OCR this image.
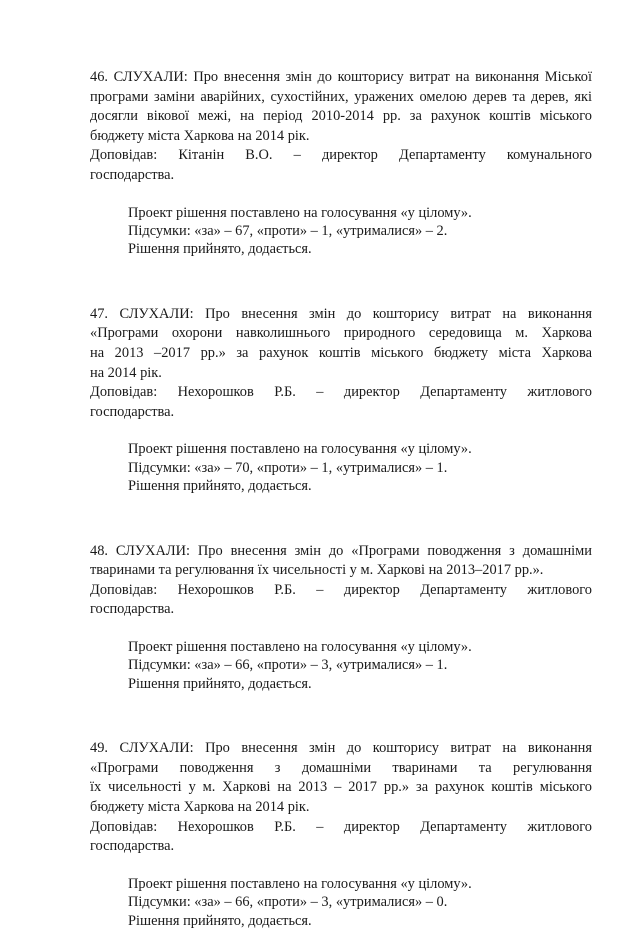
46. СЛУХАЛИ: Про внесення змін до кошторису витрат на виконання Міської
програми заміни аварійних, сухостійних, уражених омелою дерев та дерев, які
досягли вікової межі, на період 2010-2014 рр. за рахунок коштів міського
бюджету міста Харкова на 2014 рік.

Доповідав: Кітанін В.О. – директор Департаменту комунального
господарства.

Проект рішення поставлено на голосування «у цілому».
Підсумки: «за» – 67, «проти» – 1, «утрималися» – 2.
Рішення прийнято, додається.

47. СЛУХАЛИ: Про внесення змін до кошторису витрат на виконання
«Програми охорони навколишнього природного середовища м. Харкова
на 2013 –2017 рр.» за рахунок коштів міського бюджету міста Харкова
на 2014 рік.

Доповідав: Нехорошков Р.Б. – директор Департаменту житлового
господарства.

Проект рішення поставлено на голосування «у цілому».
Підсумки: «за» – 70, «проти» – 1, «утрималися» – 1.
Рішення прийнято, додається.

48. СЛУХАЛИ: Про внесення змін до «Програми поводження з домашніми
тваринами та регулювання їх чисельності у м. Харкові на 2013–2017 рр.».

Доповідав: Нехорошков Р.Б. – директор Департаменту житлового
господарства.

Проект рішення поставлено на голосування «у цілому».
Підсумки: «за» – 66, «проти» – 3, «утрималися» – 1.
Рішення прийнято, додається.

49. СЛУХАЛИ: Про внесення змін до кошторису витрат на виконання
«Програми поводження з домашніми тваринами та регулювання
їх чисельності у м. Харкові на 2013 – 2017 рр.» за рахунок коштів міського
бюджету міста Харкова на 2014 рік.

Доповідав: Нехорошков Р.Б. – директор Департаменту житлового
господарства.

Проект рішення поставлено на голосування «у цілому».
Підсумки: «за» – 66, «проти» – 3, «утрималися» – 0.
Рішення прийнято, додається.
